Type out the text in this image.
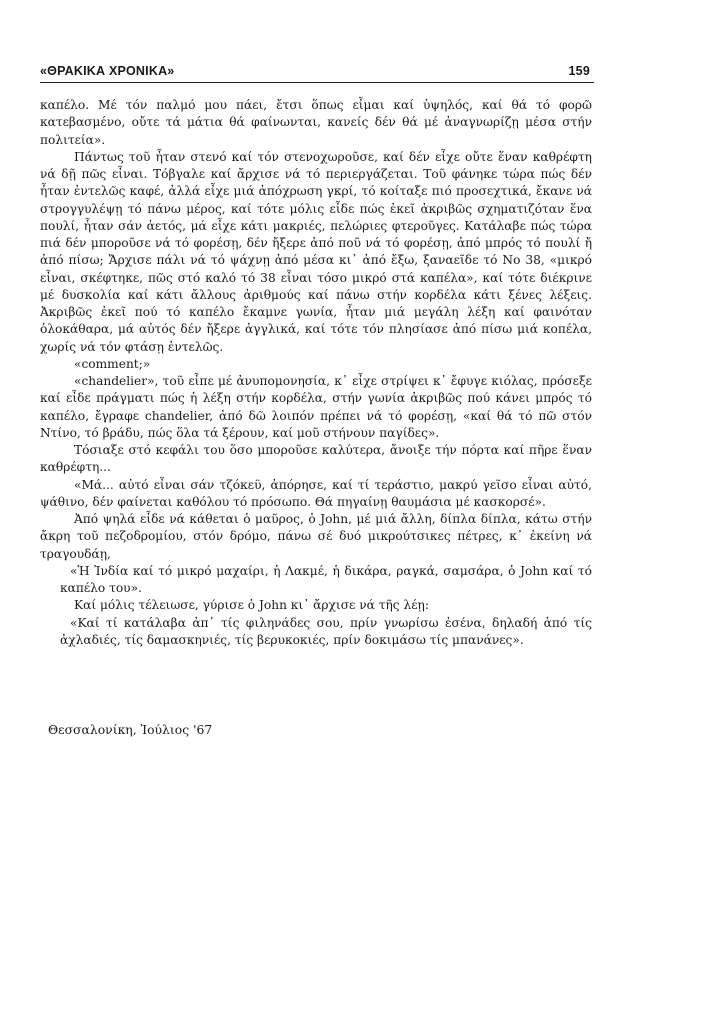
«ΘΡΑΚΙΚΑ ΧΡΟΝΙΚΑ»	159

καπέλο. Μέ τόν παλμό μου πάει, ἔτσι ὅπως εἶμαι καί ὑψηλός, καί θά τό φορῶ κατεβασμένο, οὔτε τά μάτια θά φαίνωνται, κανείς δέν θά μέ ἀναγνωρίζῃ μέσα στήν πολιτεία».

Πάντως τοῦ ἦταν στενό καί τόν στενοχωροῦσε, καί δέν εἶχε οὔτε ἕναν καθρέφτη νά δῇ πῶς εἶναι. Τόβγαλε καί ἄρχισε νά τό περιεργάζεται. Τοῦ φάνηκε τώρα πώς δέν ἦταν ἐντελῶς καφέ, ἀλλά εἶχε μιά ἀπόχρωση γκρί, τό κοίταξε πιό προσεχτικά, ἔκανε νά στρογγυλέψῃ τό πάνω μέρος, καί τότε μόλις εἶδε πώς ἐκεῖ ἀκριβῶς σχηματιζόταν ἕνα πουλί, ἦταν σάν ἀετός, μά εἶχε κάτι μακριές, πελώριες φτεροῦγες. Κατάλαβε πώς τώρα πιά δέν μποροῦσε νά τό φορέσῃ, δέν ἤξερε ἀπό ποῦ νά τό φορέσῃ, ἀπό μπρός τό πουλί ἤ ἀπό πίσω; Ἄρχισε πάλι νά τό ψάχνῃ ἀπό μέσα κι᾽ ἀπό ἔξω, ξαναεῖδε τό Νο 38, «μικρό εἶναι, σκέφτηκε, πῶς στό καλό τό 38 εἶναι τόσο μικρό στά καπέλα», καί τότε διέκρινε μέ δυσκολία καί κάτι ἄλλους ἀριθμούς καί πάνω στήν κορδέλα κάτι ξένες λέξεις. Ἀκριβῶς ἐκεῖ πού τό καπέλο ἔκαμνε γωνία, ἦταν μιά μεγάλη λέξη καί φαινόταν ὁλοκάθαρα, μά αὐτός δέν ἤξερε ἀγγλικά, καί τότε τόν πλησίασε ἀπό πίσω μιά κοπέλα, χωρίς νά τόν φτάσῃ ἐντελῶς.

«comment;»

«chandelier», τοῦ εἶπε μέ ἀνυπομονησία, κ᾽ εἶχε στρίψει κ᾽ ἔφυγε κιόλας, πρόσεξε καί εἶδε πράγματι πώς ἡ λέξη στήν κορδέλα, στήν γωνία ἀκριβῶς πού κάνει μπρός τό καπέλο, ἔγραφε chandelier, ἀπό δῶ λοιπόν πρέπει νά τό φορέσῃ, «καί θά τό πῶ στόν Ντίνο, τό βράδυ, πώς ὅλα τά ξέρουν, καί μοῦ στήνουν παγίδες».

Τόσιαξε στό κεφάλι του ὅσο μποροῦσε καλύτερα, ἄνοιξε τήν πόρτα καί πῆρε ἕναν καθρέφτη...

«Μά... αὐτό εἶναι σάν τζόκεϋ, ἀπόρησε, καί τί τεράστιο, μακρύ γεῖσο εἶναι αὐτό, ψάθινο, δέν φαίνεται καθόλου τό πρόσωπο. Θά πηγαίνῃ θαυμάσια μέ κασκορσέ».

Ἀπό ψηλά εἶδε νά κάθεται ὁ μαῦρος, ὁ John, μέ μιά ἄλλη, δίπλα δίπλα, κάτω στήν ἄκρη τοῦ πεζοδρομίου, στόν δρόμο, πάνω σέ δυό μικρούτσικες πέτρες, κ᾽ ἐκείνη νά τραγουδάῃ,

«Ἡ Ἰνδία καί τό μικρό μαχαίρι, ἡ Λακμέ, ἡ δικάρα, ραγκά, σαμσάρα, ὁ John καί τό καπέλο του».

Καί μόλις τέλειωσε, γύρισε ὁ John κι᾽ ἄρχισε νά τῆς λέῃ:

«Καί τί κατάλαβα ἀπ᾽ τίς φιληνάδες σου, πρίν γνωρίσω ἐσένα, δηλαδή ἀπό τίς ἀχλαδιές, τίς δαμασκηνιές, τίς βερυκοκιές, πρίν δοκιμάσω τίς μπανάνες».

Θεσσαλονίκη, Ἰούλιος '67
